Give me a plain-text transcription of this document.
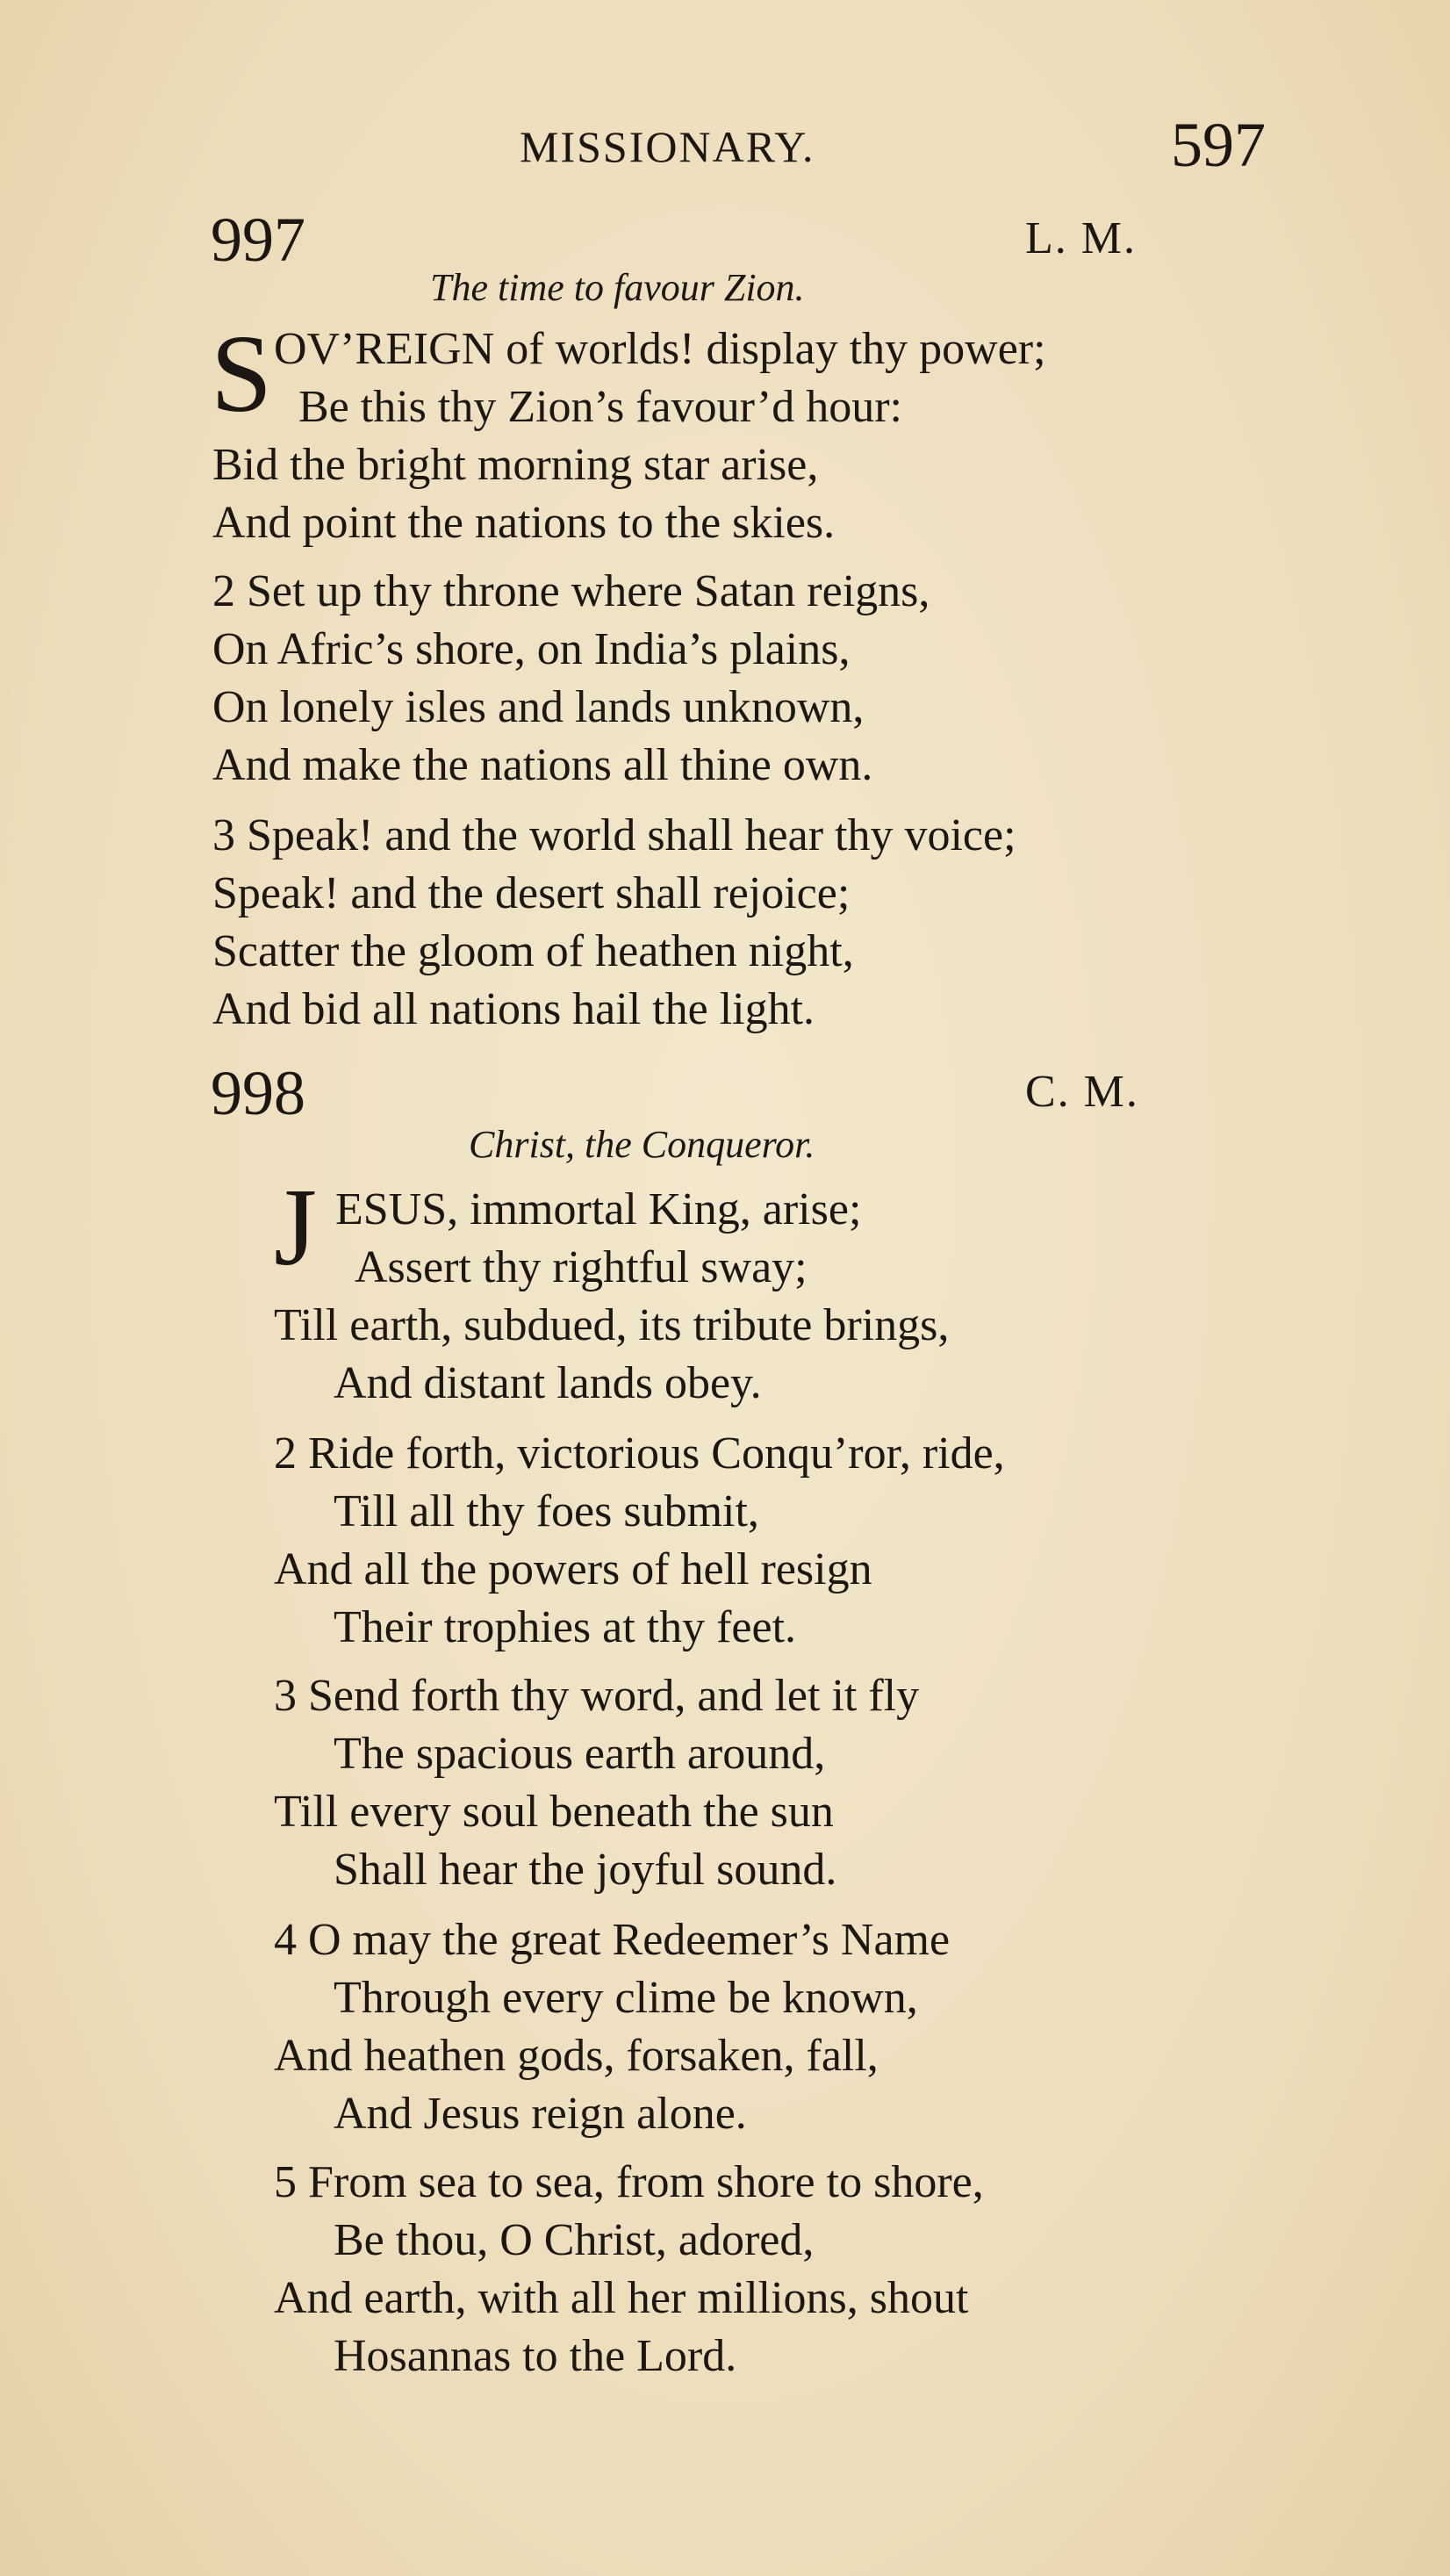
MISSIONARY.	597
997	L. M.
The time to favour Zion.
S OV’REIGN of worlds! display thy power;
Be this thy Zion’s favour’d hour:
Bid the bright morning star arise,
And point the nations to the skies.
2 Set up thy throne where Satan reigns,
On Afric’s shore, on India’s plains,
On lonely isles and lands unknown,
And make the nations all thine own.
3 Speak! and the world shall hear thy voice;
Speak! and the desert shall rejoice;
Scatter the gloom of heathen night,
And bid all nations hail the light.
998	C. M.
Christ, the Conqueror.
J ESUS, immortal King, arise;
Assert thy rightful sway;
Till earth, subdued, its tribute brings,
And distant lands obey.
2 Ride forth, victorious Conqu’ror, ride,
Till all thy foes submit,
And all the powers of hell resign
Their trophies at thy feet.
3 Send forth thy word, and let it fly
The spacious earth around,
Till every soul beneath the sun
Shall hear the joyful sound.
4 O may the great Redeemer’s Name
Through every clime be known,
And heathen gods, forsaken, fall,
And Jesus reign alone.
5 From sea to sea, from shore to shore,
Be thou, O Christ, adored,
And earth, with all her millions, shout
Hosannas to the Lord.
